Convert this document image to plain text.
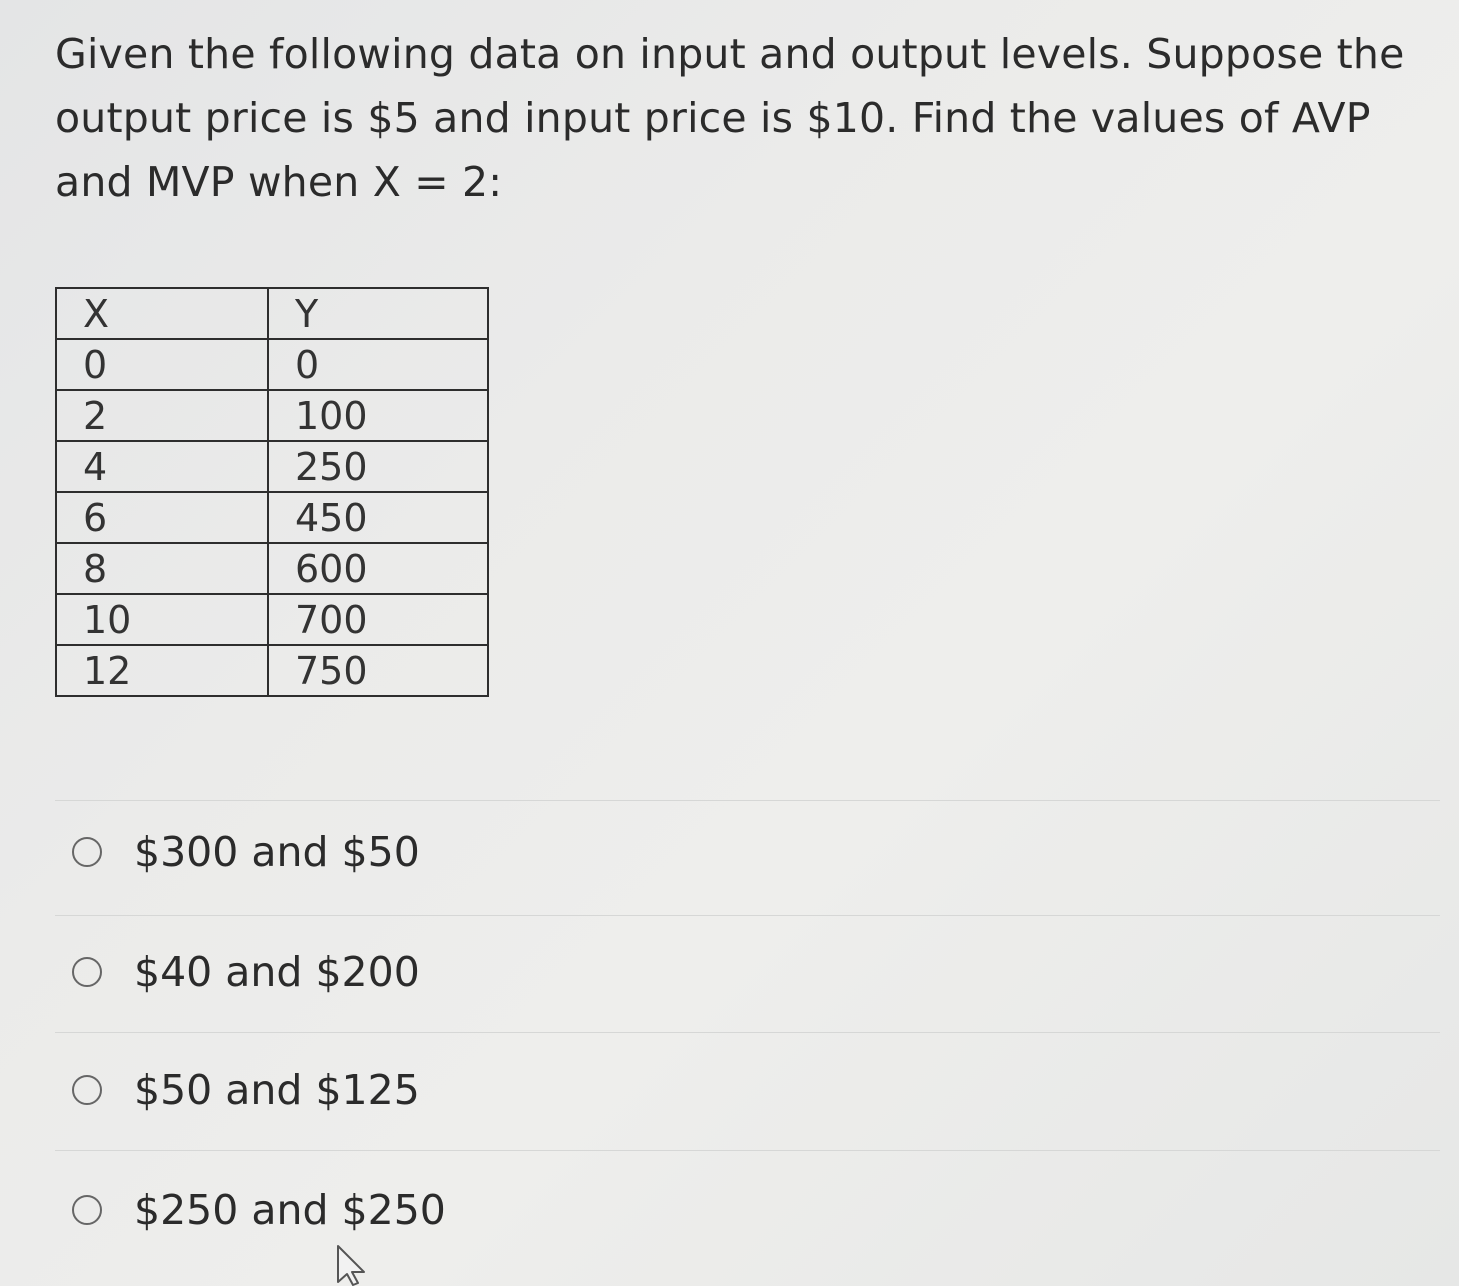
Given the following data on input and output levels. Suppose the output price is $5 and input price is $10. Find the values of AVP and MVP when X = 2:

X	Y
0	0
2	100
4	250
6	450
8	600
10	700
12	750
$300 and $50
$40 and $200
$50 and $125
$250 and $250
